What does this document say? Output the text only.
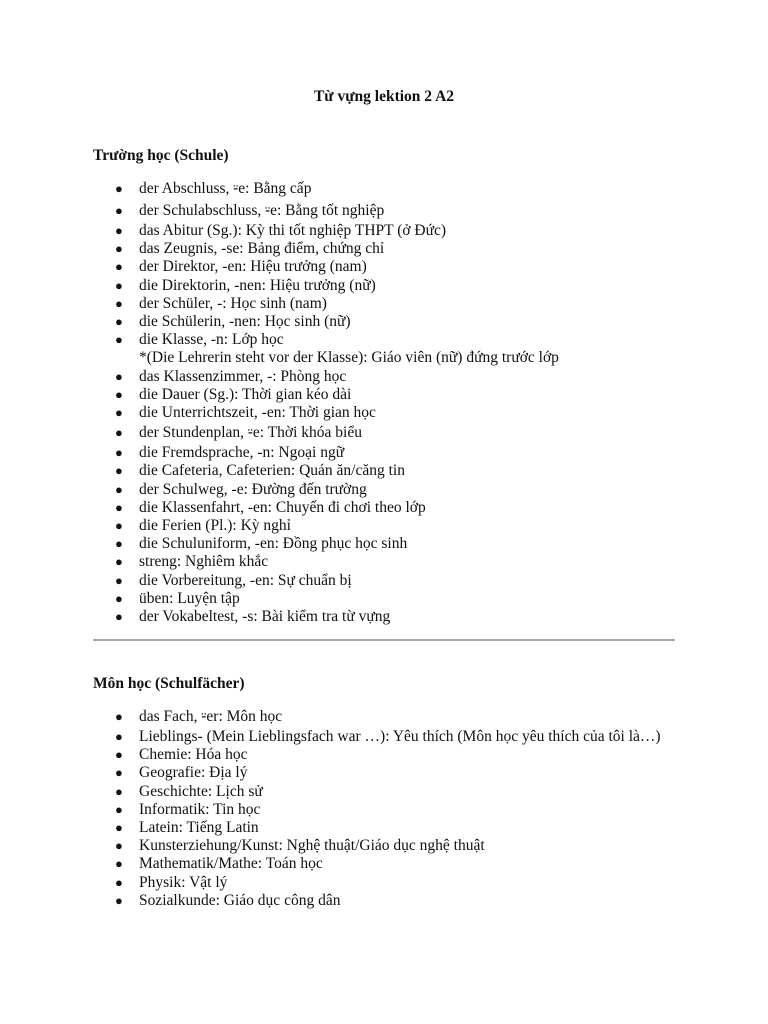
Từ vựng lektion 2 A2
Trường học (Schule)
● der Abschluss, ⸚e: Bằng cấp
● der Schulabschluss, ⸚e: Bằng tốt nghiệp
● das Abitur (Sg.): Kỳ thi tốt nghiệp THPT (ở Đức)
● das Zeugnis, -se: Bảng điểm, chứng chỉ
● der Direktor, -en: Hiệu trưởng (nam)
● die Direktorin, -nen: Hiệu trưởng (nữ)
● der Schüler, -: Học sinh (nam)
● die Schülerin, -nen: Học sinh (nữ)
● die Klasse, -n: Lớp học
*(Die Lehrerin steht vor der Klasse): Giáo viên (nữ) đứng trước lớp
● das Klassenzimmer, -: Phòng học
● die Dauer (Sg.): Thời gian kéo dài
● die Unterrichtszeit, -en: Thời gian học
● der Stundenplan, ⸚e: Thời khóa biểu
● die Fremdsprache, -n: Ngoại ngữ
● die Cafeteria, Cafeterien: Quán ăn/căng tin
● der Schulweg, -e: Đường đến trường
● die Klassenfahrt, -en: Chuyến đi chơi theo lớp
● die Ferien (Pl.): Kỳ nghỉ
● die Schuluniform, -en: Đồng phục học sinh
● streng: Nghiêm khắc
● die Vorbereitung, -en: Sự chuẩn bị
● üben: Luyện tập
● der Vokabeltest, -s: Bài kiểm tra từ vựng
Môn học (Schulfächer)
● das Fach, ⸚er: Môn học
● Lieblings- (Mein Lieblingsfach war …): Yêu thích (Môn học yêu thích của tôi là…)
● Chemie: Hóa học
● Geografie: Địa lý
● Geschichte: Lịch sử
● Informatik: Tin học
● Latein: Tiếng Latin
● Kunsterziehung/Kunst: Nghệ thuật/Giáo dục nghệ thuật
● Mathematik/Mathe: Toán học
● Physik: Vật lý
● Sozialkunde: Giáo dục công dân
